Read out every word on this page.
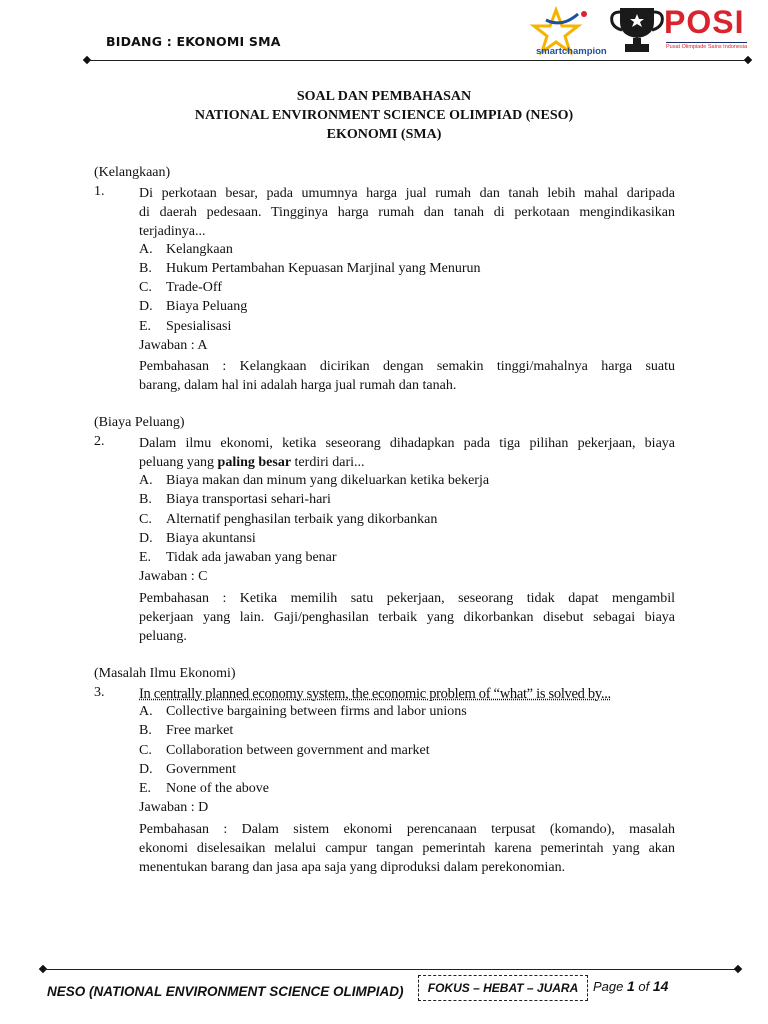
BIDANG : EKONOMI SMA
smartchampion
POSI
Pusat Olimpiade Sains Indonesia
SOAL DAN PEMBAHASAN
NATIONAL ENVIRONMENT SCIENCE OLIMPIAD (NESO)
EKONOMI (SMA)
(Kelangkaan)
1. Di perkotaan besar, pada umumnya harga jual rumah dan tanah lebih mahal daripada
di daerah pedesaan. Tingginya harga rumah dan tanah di perkotaan mengindikasikan
terjadinya...
A. Kelangkaan
B. Hukum Pertambahan Kepuasan Marjinal yang Menurun
C. Trade-Off
D. Biaya Peluang
E. Spesialisasi
Jawaban : A
Pembahasan : Kelangkaan dicirikan dengan semakin tinggi/mahalnya harga suatu
barang, dalam hal ini adalah harga jual rumah dan tanah.
(Biaya Peluang)
2. Dalam ilmu ekonomi, ketika seseorang dihadapkan pada tiga pilihan pekerjaan, biaya
peluang yang paling besar terdiri dari...
A. Biaya makan dan minum yang dikeluarkan ketika bekerja
B. Biaya transportasi sehari-hari
C. Alternatif penghasilan terbaik yang dikorbankan
D. Biaya akuntansi
E. Tidak ada jawaban yang benar
Jawaban : C
Pembahasan : Ketika memilih satu pekerjaan, seseorang tidak dapat mengambil
pekerjaan yang lain. Gaji/penghasilan terbaik yang dikorbankan disebut sebagai biaya
peluang.
(Masalah Ilmu Ekonomi)
3. In centrally planned economy system, the economic problem of “what” is solved by...
A. Collective bargaining between firms and labor unions
B. Free market
C. Collaboration between government and market
D. Government
E. None of the above
Jawaban : D
Pembahasan : Dalam sistem ekonomi perencanaan terpusat (komando), masalah
ekonomi diselesaikan melalui campur tangan pemerintah karena pemerintah yang akan
menentukan barang dan jasa apa saja yang diproduksi dalam perekonomian.
NESO (NATIONAL ENVIRONMENT SCIENCE OLIMPIAD)	FOKUS – HEBAT – JUARA	Page 1 of 14
